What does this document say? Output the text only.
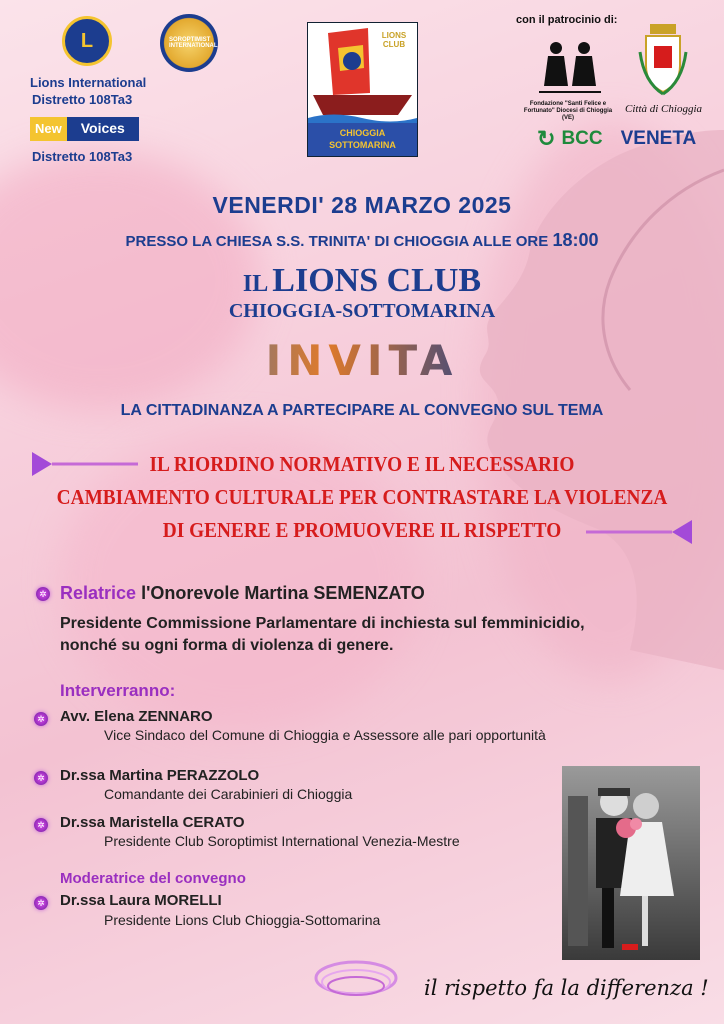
L
Lions International
Distretto 108Ta3
New	Voices
Distretto 108Ta3
SOROPTIMIST INTERNATIONAL
LIONS CLUB
CHIOGGIA SOTTOMARINA
con il patrocinio di:
Fondazione "Santi Felice e Fortunato" Diocesi di Chioggia (VE)
Città di Chioggia
↻ BCC VENETA
VENERDI' 28 MARZO 2025
PRESSO LA CHIESA S.S. TRINITA' DI CHIOGGIA ALLE ORE 18:00
IL LIONS CLUB
CHIOGGIA-SOTTOMARINA
INVITA
LA CITTADINANZA A PARTECIPARE AL CONVEGNO SUL TEMA
IL RIORDINO NORMATIVO E IL NECESSARIO
CAMBIAMENTO CULTURALE PER CONTRASTARE LA VIOLENZA
DI GENERE E PROMUOVERE IL RISPETTO
✲
Relatrice l'Onorevole Martina SEMENZATO
Presidente Commissione Parlamentare di inchiesta sul femminicidio,
nonché su ogni forma di violenza di genere.
Interverranno:
✲
Avv. Elena ZENNARO
Vice Sindaco del Comune di Chioggia e Assessore alle pari opportunità
✲
Dr.ssa Martina PERAZZOLO
Comandante dei Carabinieri di Chioggia
✲
Dr.ssa Maristella CERATO
Presidente Club Soroptimist International Venezia-Mestre
Moderatrice del convegno
✲
Dr.ssa Laura MORELLI
Presidente Lions Club Chioggia-Sottomarina
il rispetto fa la differenza !
